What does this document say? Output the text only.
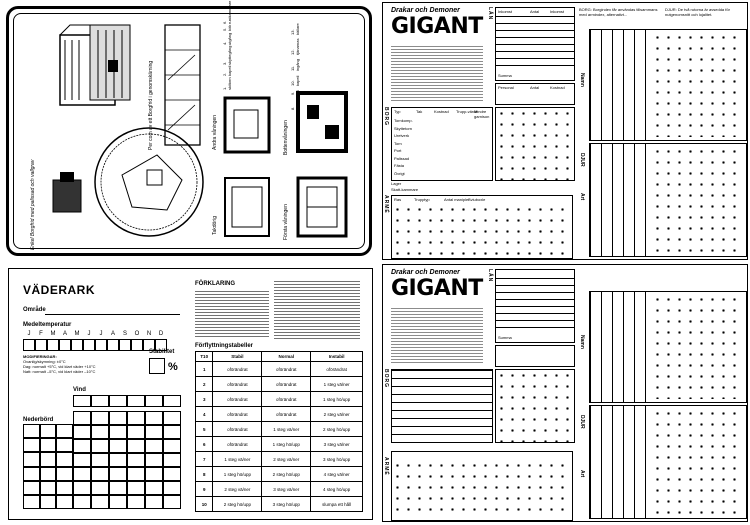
Enkel Borgfrid med palissad och vallgrav
Per com av ett Borgfrid i genomskärning	1. skiltorn
2. kapell
3. skyttegång
4. utgång
5. kök
6. rustkammare
8. sovrum
9. sal
10. kapell
11. ingång
12. tjänarnas
13. källare
Andra våningen	Bottenvåningen
Takdörig	Första våningen
VÄDERARK
Område
Medeltemperatur
J	F	M	A	M	J	J	A	S	O	N	D
MODIFIERINGAR:
Ovanlig/skymning: ±0°C
Dag: normalt +5°C, vid klart väder +10°C
Natt: normalt –5°C, vid klart väder –10°C
Stabilitet
%
Vind
Nederbörd
FÖRKLARING
Förflyttningstabeller
T10	Stabil	Normal	Instabil
1	oförändrat	oförändrat	oförändrat
2	oförändrat	oförändrat	1 steg vä/ner
3	oförändrat	oförändrat	1 steg hö/upp
4	oförändrat	oförändrat	2 steg vä/ner
5	oförändrat	1 steg vä/ner	2 steg hö/upp
6	oförändrat	1 steg hö/upp	3 steg vä/ner
7	1 steg vä/ner	2 steg vä/ner	3 steg hö/upp
8	1 steg hö/upp	2 steg hö/upp	4 steg vä/ner
9	2 steg vä/ner	3 steg vä/ner	4 steg hö/upp
10	2 steg hö/upp	3 steg hö/upp	slumpa ett håll
Drakar och Demoner
GIGANT
LÄN Inkomst	Antal	Inkomst
Summa
Personal	Antal	Kostnad
BORG Typ	Tak	Kostnad Trupp-värde
Mindre garnison
Tornkomp.
Skyttetorn
Uretverk
Torn
Port
Palissad
Fästa
Övrigt
Lager
Skatt-kammare
ARMÉ Ras	Trupptyp	Antal manipler
Sviuboxle
BORG: Borgindex får användas tillsammans med armindex, alternativt...
DJUR: De två rutorna är avsedda för nutgenomsnitt och lojalitet.
Namn
DJUR
Art
Drakar och Demoner
GIGANT
LÄN
Summa
BORG
ARMÉ
Namn
DJUR
Art
